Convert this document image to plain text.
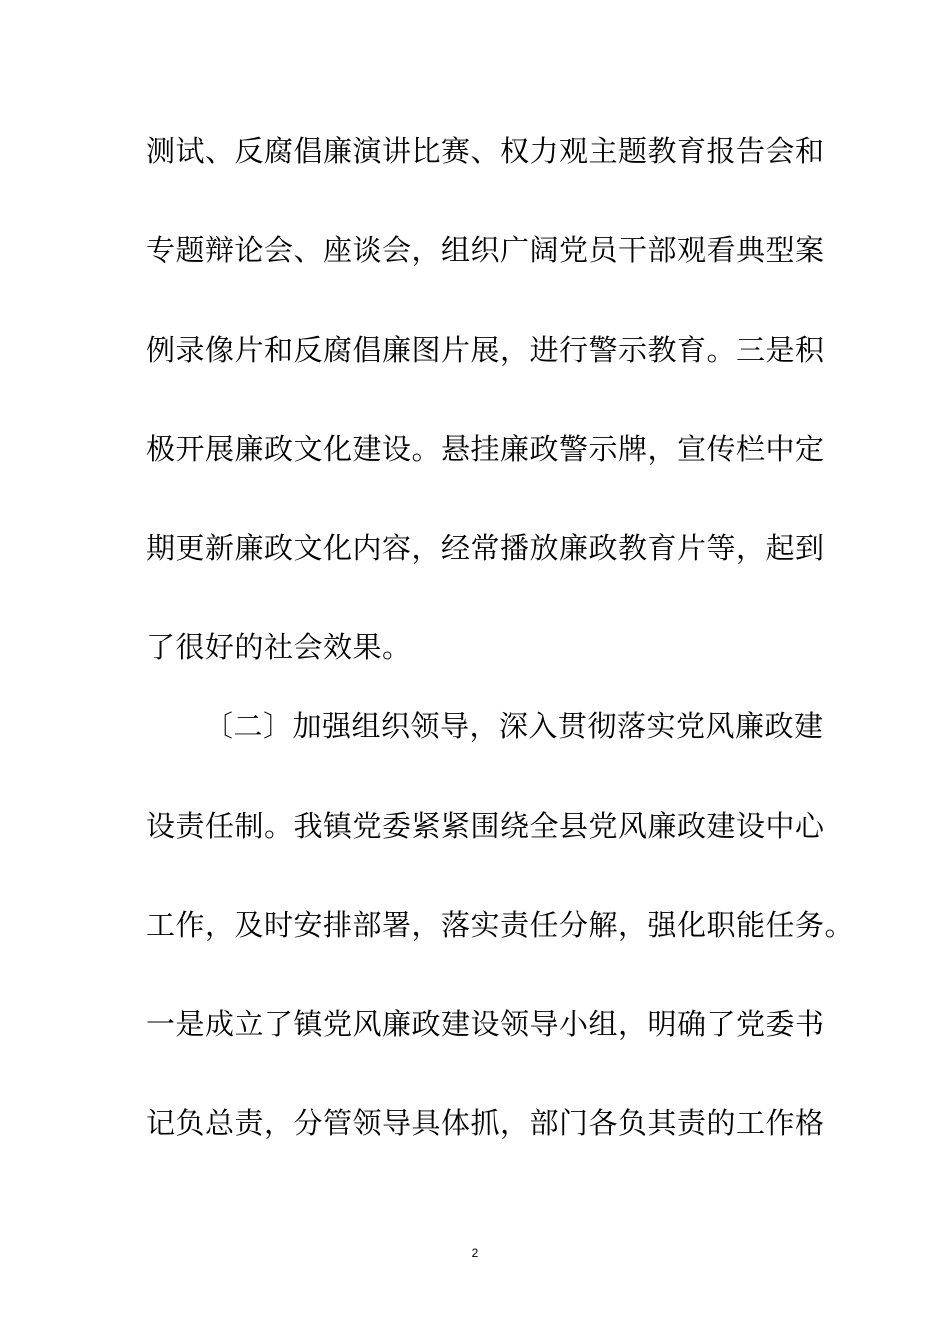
测试、反腐倡廉演讲比赛、权力观主题教育报告会和
专题辩论会、座谈会，组织广阔党员干部观看典型案
例录像片和反腐倡廉图片展，进行警示教育。三是积
极开展廉政文化建设。悬挂廉政警示牌，宣传栏中定
期更新廉政文化内容，经常播放廉政教育片等，起到
了很好的社会效果。
〔二〕加强组织领导，深入贯彻落实党风廉政建
设责任制。我镇党委紧紧围绕全县党风廉政建设中心
工作，及时安排部署，落实责任分解，强化职能任务。
一是成立了镇党风廉政建设领导小组，明确了党委书
记负总责，分管领导具体抓，部门各负其责的工作格
2
